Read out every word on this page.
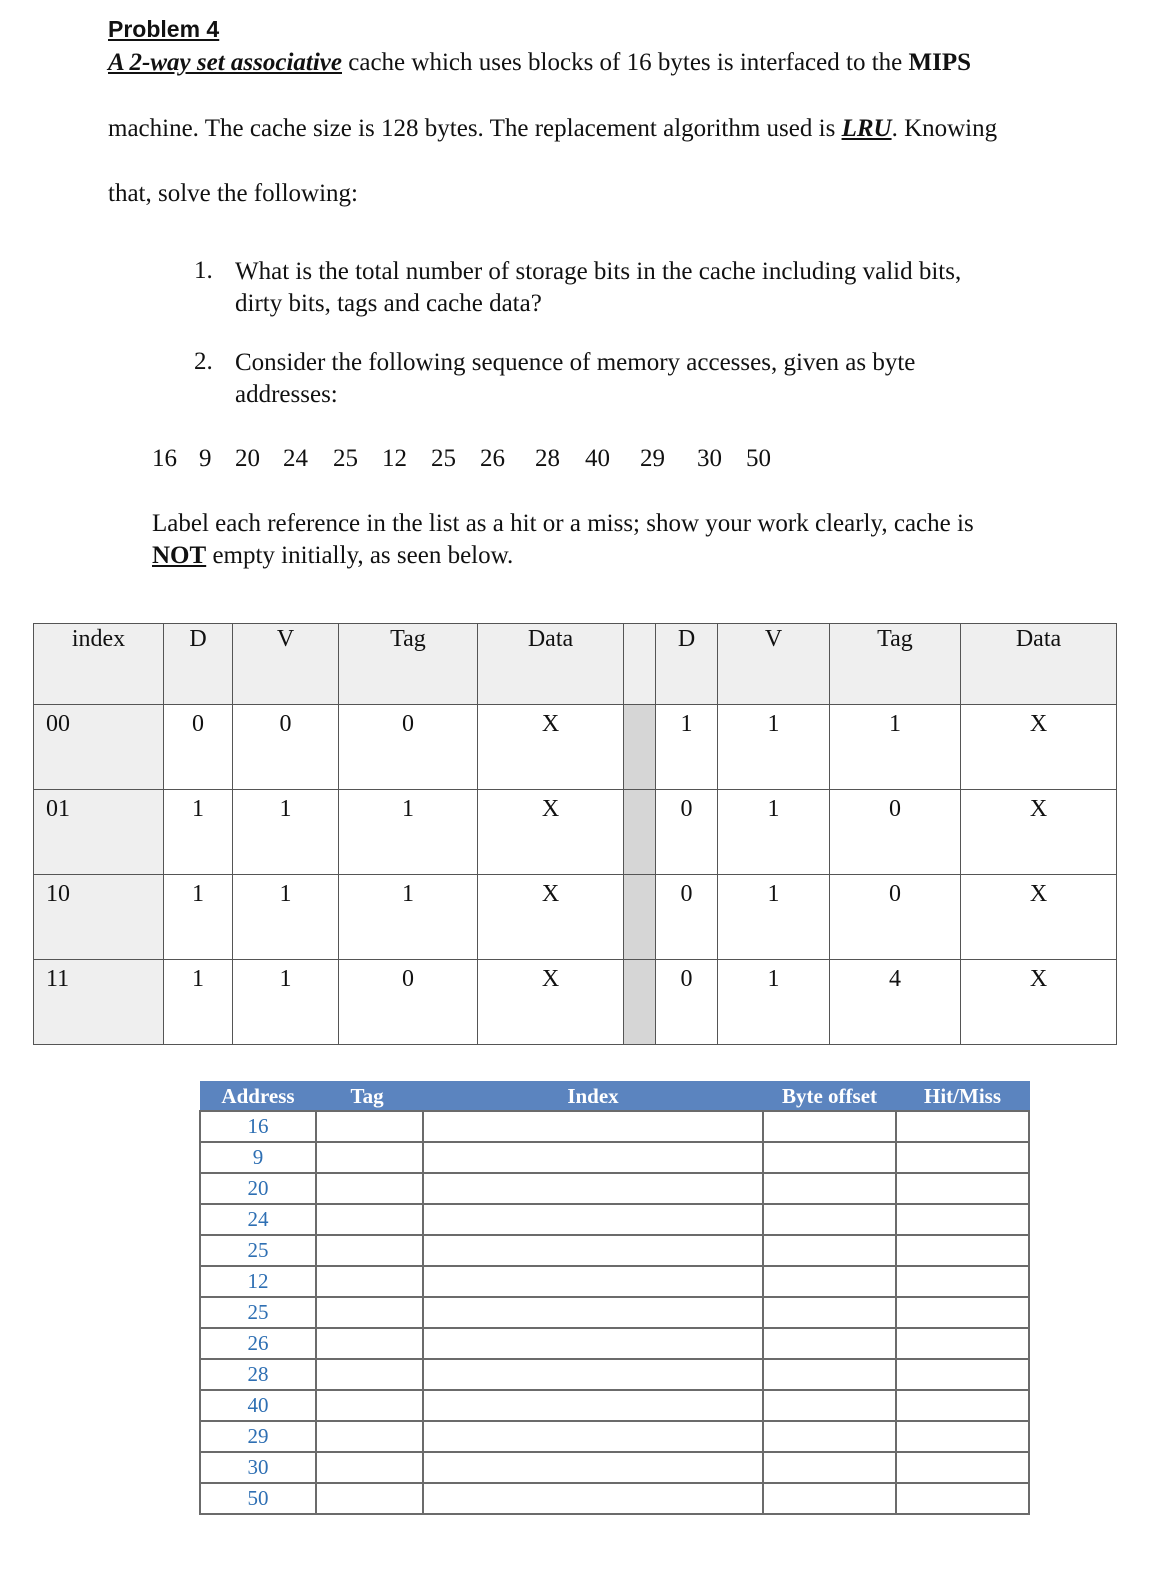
Problem 4
A 2-way set associative cache which uses blocks of 16 bytes is interfaced to the MIPS
machine. The cache size is 128 bytes. The replacement algorithm used is LRU. Knowing
that, solve the following:
1. What is the total number of storage bits in the cache including valid bits,
dirty bits, tags and cache data?
2. Consider the following sequence of memory accesses, given as byte
addresses:
16 9 20 24 25 12 25 26 28 40 29 30 50
Label each reference in the list as a hit or a miss; show your work clearly, cache is
NOT empty initially, as seen below.
index	D	V	Tag	Data		D	V	Tag	Data
00	0	0	0	X		1	1	1	X
01	1	1	1	X		0	1	0	X
10	1	1	1	X		0	1	0	X
11	1	1	0	X		0	1	4	X
Address	Tag	Index	Byte offset	Hit/Miss
16				
9				
20				
24				
25				
12				
25				
26				
28				
40				
29				
30				
50				
